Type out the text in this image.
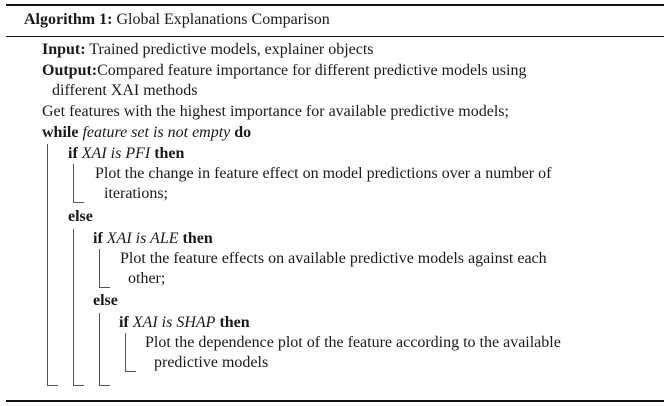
Algorithm 1: Global Explanations Comparison
Input: Trained predictive models, explainer objects
Output:Compared feature importance for different predictive models using
different XAI methods
Get features with the highest importance for available predictive models;
while feature set is not empty do
if XAI is PFI then
Plot the change in feature effect on model predictions over a number of
iterations;
else
if XAI is ALE then
Plot the feature effects on available predictive models against each
other;
else
if XAI is SHAP then
Plot the dependence plot of the feature according to the available
predictive models
